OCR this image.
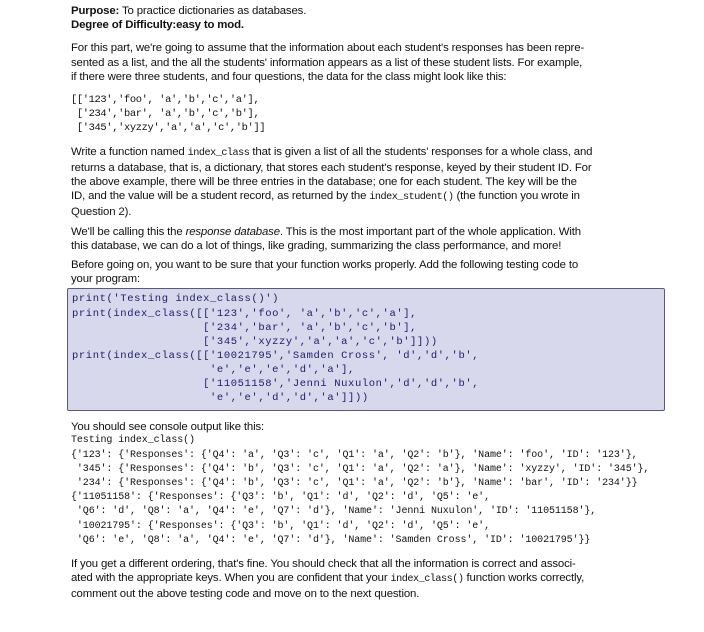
Purpose: To practice dictionaries as databases.
Degree of Difficulty:easy to mod.
For this part, we're going to assume that the information about each student's responses has been repre-
sented as a list, and the all the students' information appears as a list of these student lists. For example,
if there were three students, and four questions, the data for the class might look like this:
[['123','foo', 'a','b','c','a'],
['234','bar', 'a','b','c','b'],
['345','xyzzy','a','a','c','b']]
Write a function named index_class that is given a list of all the students' responses for a whole class, and
returns a database, that is, a dictionary, that stores each student's response, keyed by their student ID. For
the above example, there will be three entries in the database; one for each student. The key will be the
ID, and the value will be a student record, as returned by the index_student() (the function you wrote in
Question 2).
We'll be calling this the response database. This is the most important part of the whole application. With
this database, we can do a lot of things, like grading, summarizing the class performance, and more!
Before going on, you want to be sure that your function works properly. Add the following testing code to
your program:
print('Testing index_class()')
print(index_class([['123','foo', 'a','b','c','a'],
['234','bar', 'a','b','c','b'],
['345','xyzzy','a','a','c','b']]))
print(index_class([['10021795','Samden Cross', 'd','d','b',
'e','e','e','d','a'],
['11051158','Jenni Nuxulon','d','d','b',
'e','e','d','d','a']]))
You should see console output like this:
Testing index_class()
{'123': {'Responses': {'Q4': 'a', 'Q3': 'c', 'Q1': 'a', 'Q2': 'b'}, 'Name': 'foo', 'ID': '123'},
'345': {'Responses': {'Q4': 'b', 'Q3': 'c', 'Q1': 'a', 'Q2': 'a'}, 'Name': 'xyzzy', 'ID': '345'},
'234': {'Responses': {'Q4': 'b', 'Q3': 'c', 'Q1': 'a', 'Q2': 'b'}, 'Name': 'bar', 'ID': '234'}}
{'11051158': {'Responses': {'Q3': 'b', 'Q1': 'd', 'Q2': 'd', 'Q5': 'e',
'Q6': 'd', 'Q8': 'a', 'Q4': 'e', 'Q7': 'd'}, 'Name': 'Jenni Nuxulon', 'ID': '11051158'},
'10021795': {'Responses': {'Q3': 'b', 'Q1': 'd', 'Q2': 'd', 'Q5': 'e',
'Q6': 'e', 'Q8': 'a', 'Q4': 'e', 'Q7': 'd'}, 'Name': 'Samden Cross', 'ID': '10021795'}}
If you get a different ordering, that's fine. You should check that all the information is correct and associ-
ated with the appropriate keys. When you are confident that your index_class() function works correctly,
comment out the above testing code and move on to the next question.
